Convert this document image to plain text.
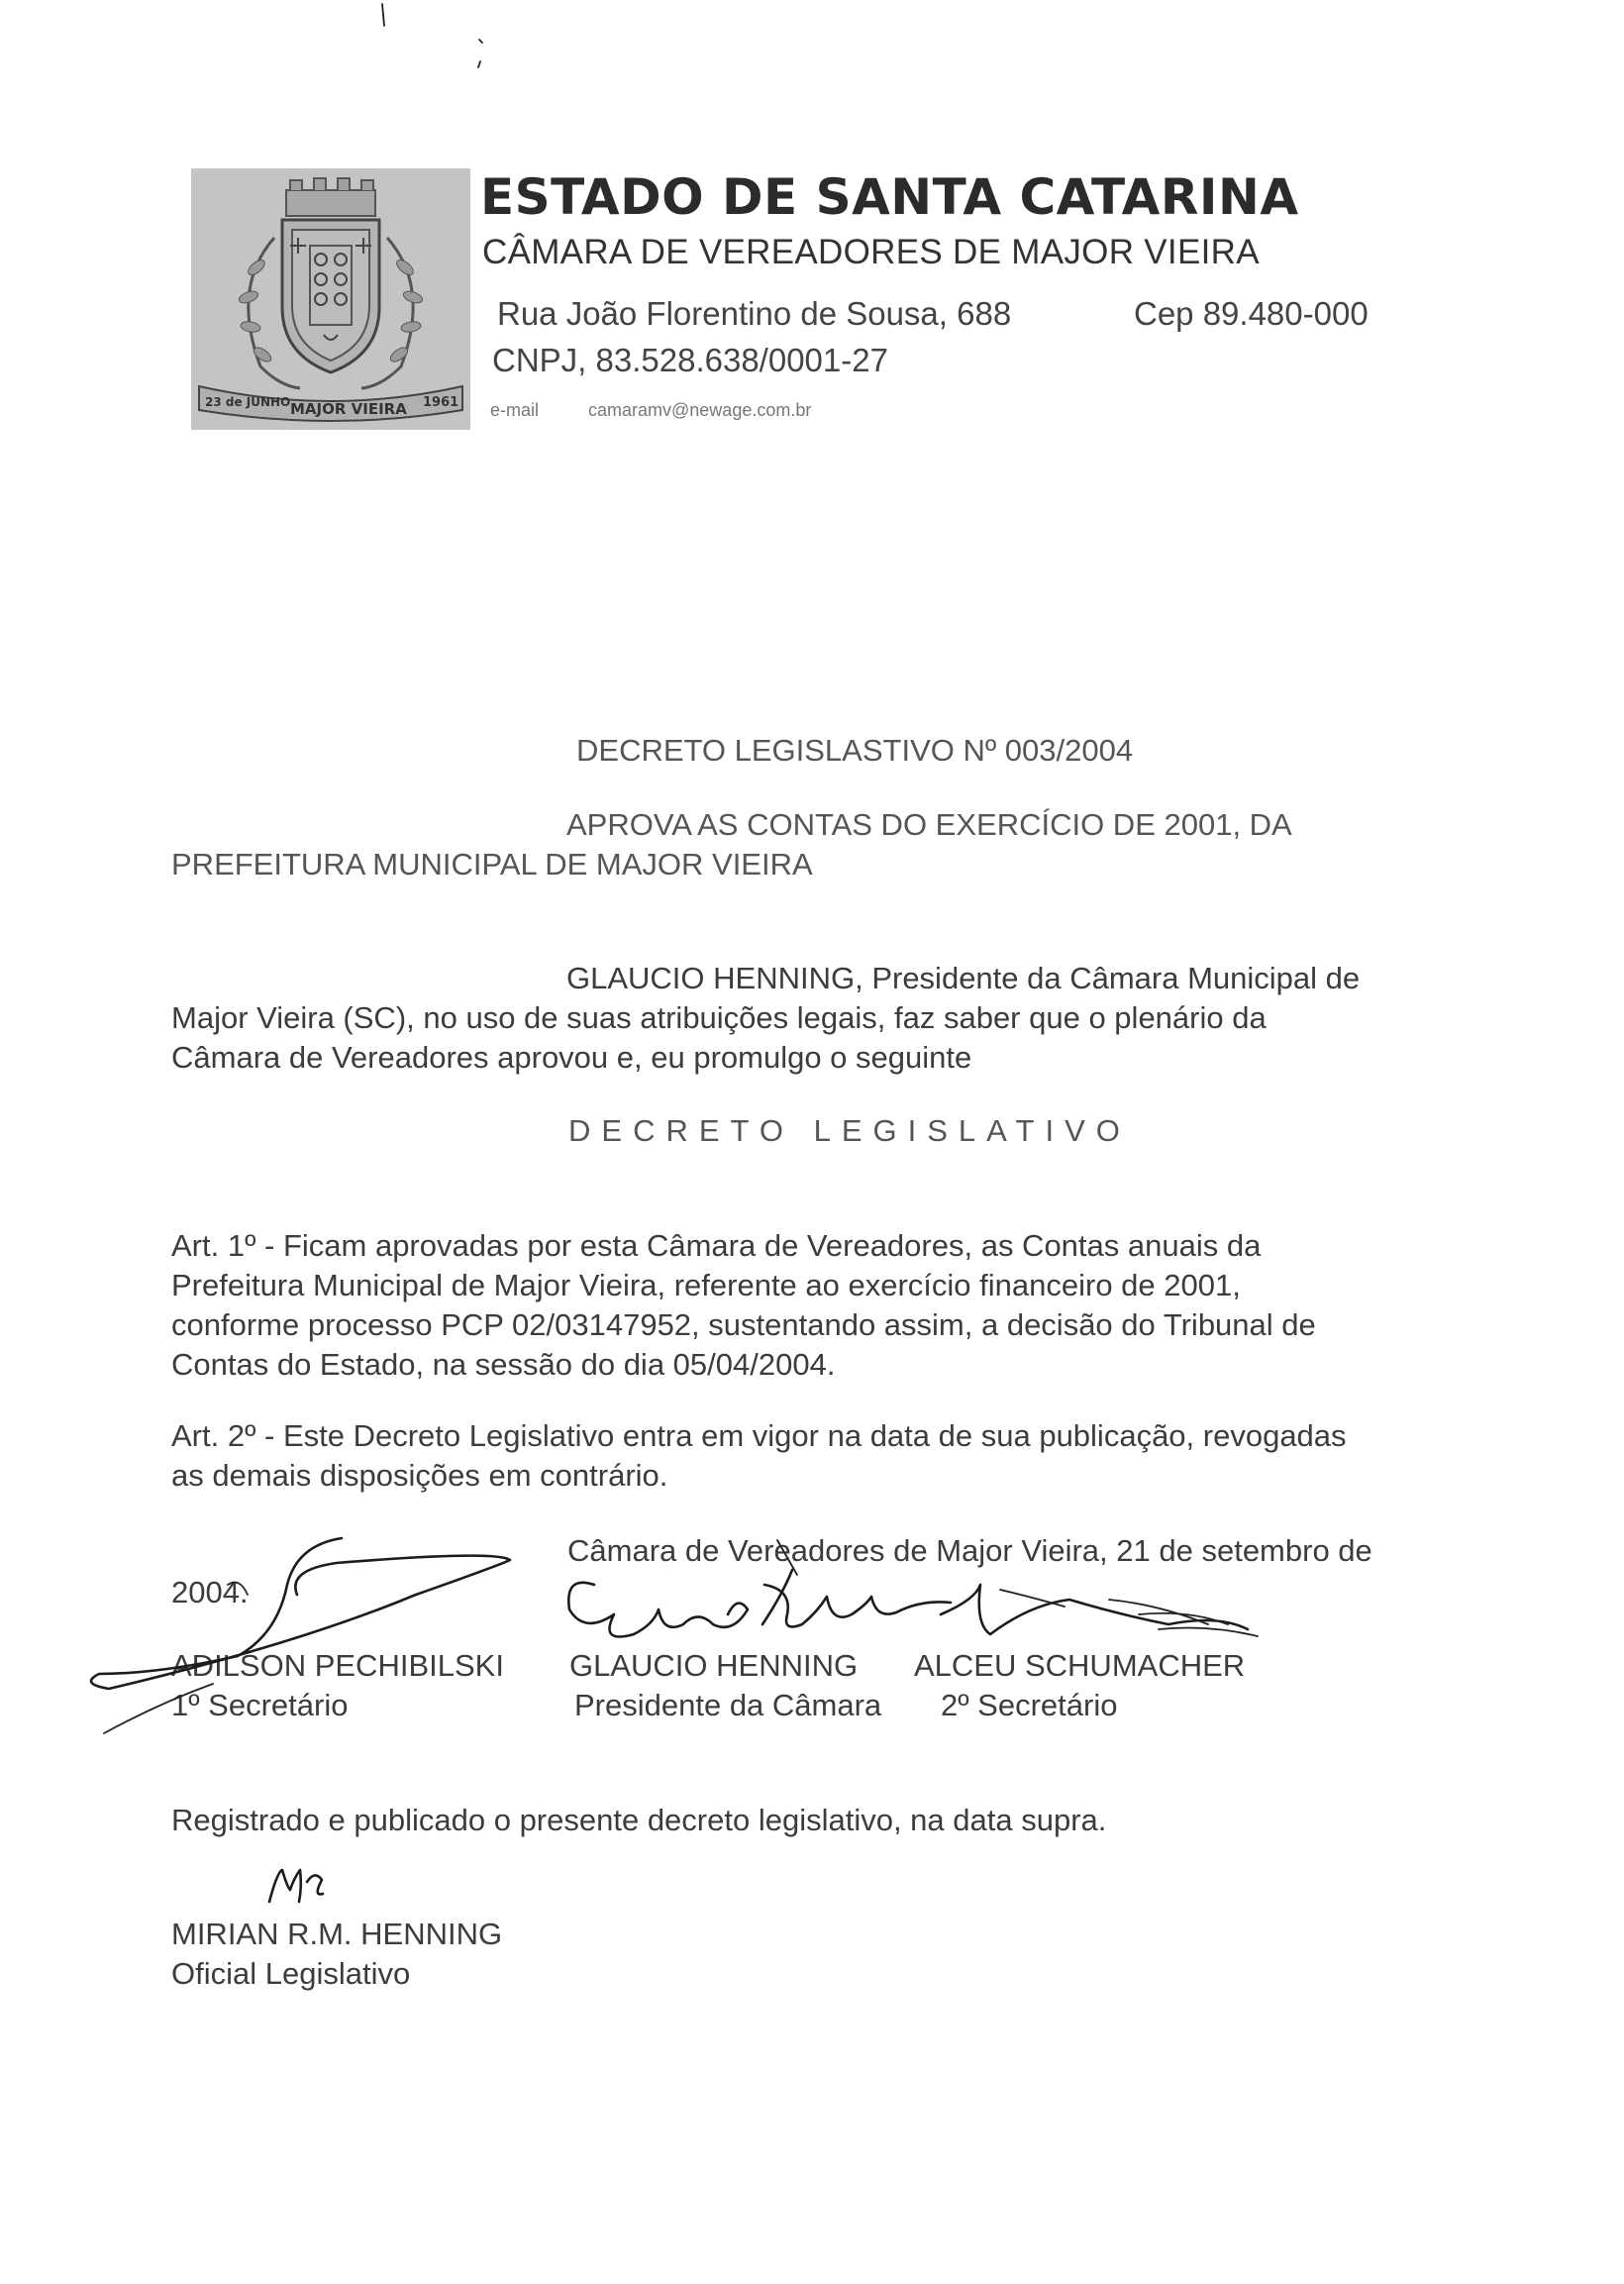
23 de JUNHO MAJOR VIEIRA 1961
ESTADO DE SANTA CATARINA
CÂMARA DE VEREADORES DE MAJOR VIEIRA
Rua João Florentino de Sousa, 688	Cep 89.480-000
CNPJ, 83.528.638/0001-27
e-mail	camaramv@newage.com.br
DECRETO LEGISLASTIVO Nº 003/2004
APROVA AS CONTAS DO EXERCÍCIO DE 2001, DA
PREFEITURA MUNICIPAL DE MAJOR VIEIRA
GLAUCIO HENNING, Presidente da Câmara Municipal de
Major Vieira (SC), no uso de suas atribuições legais, faz saber que o plenário da
Câmara de Vereadores aprovou e, eu promulgo o seguinte
DECRETO LEGISLATIVO
Art. 1º - Ficam aprovadas por esta Câmara de Vereadores, as Contas anuais da
Prefeitura Municipal de Major Vieira, referente ao exercício financeiro de 2001,
conforme processo PCP 02/03147952, sustentando assim, a decisão do Tribunal de
Contas do Estado, na sessão do dia 05/04/2004.
Art. 2º - Este Decreto Legislativo entra em vigor na data de sua publicação, revogadas
as demais disposições em contrário.
Câmara de Vereadores de Major Vieira, 21 de setembro de
2004.
ADILSON PECHIBILSKI
1º Secretário
GLAUCIO HENNING
Presidente da Câmara
ALCEU SCHUMACHER
2º Secretário
Registrado e publicado o presente decreto legislativo, na data supra.
MIRIAN R.M. HENNING
Oficial Legislativo
